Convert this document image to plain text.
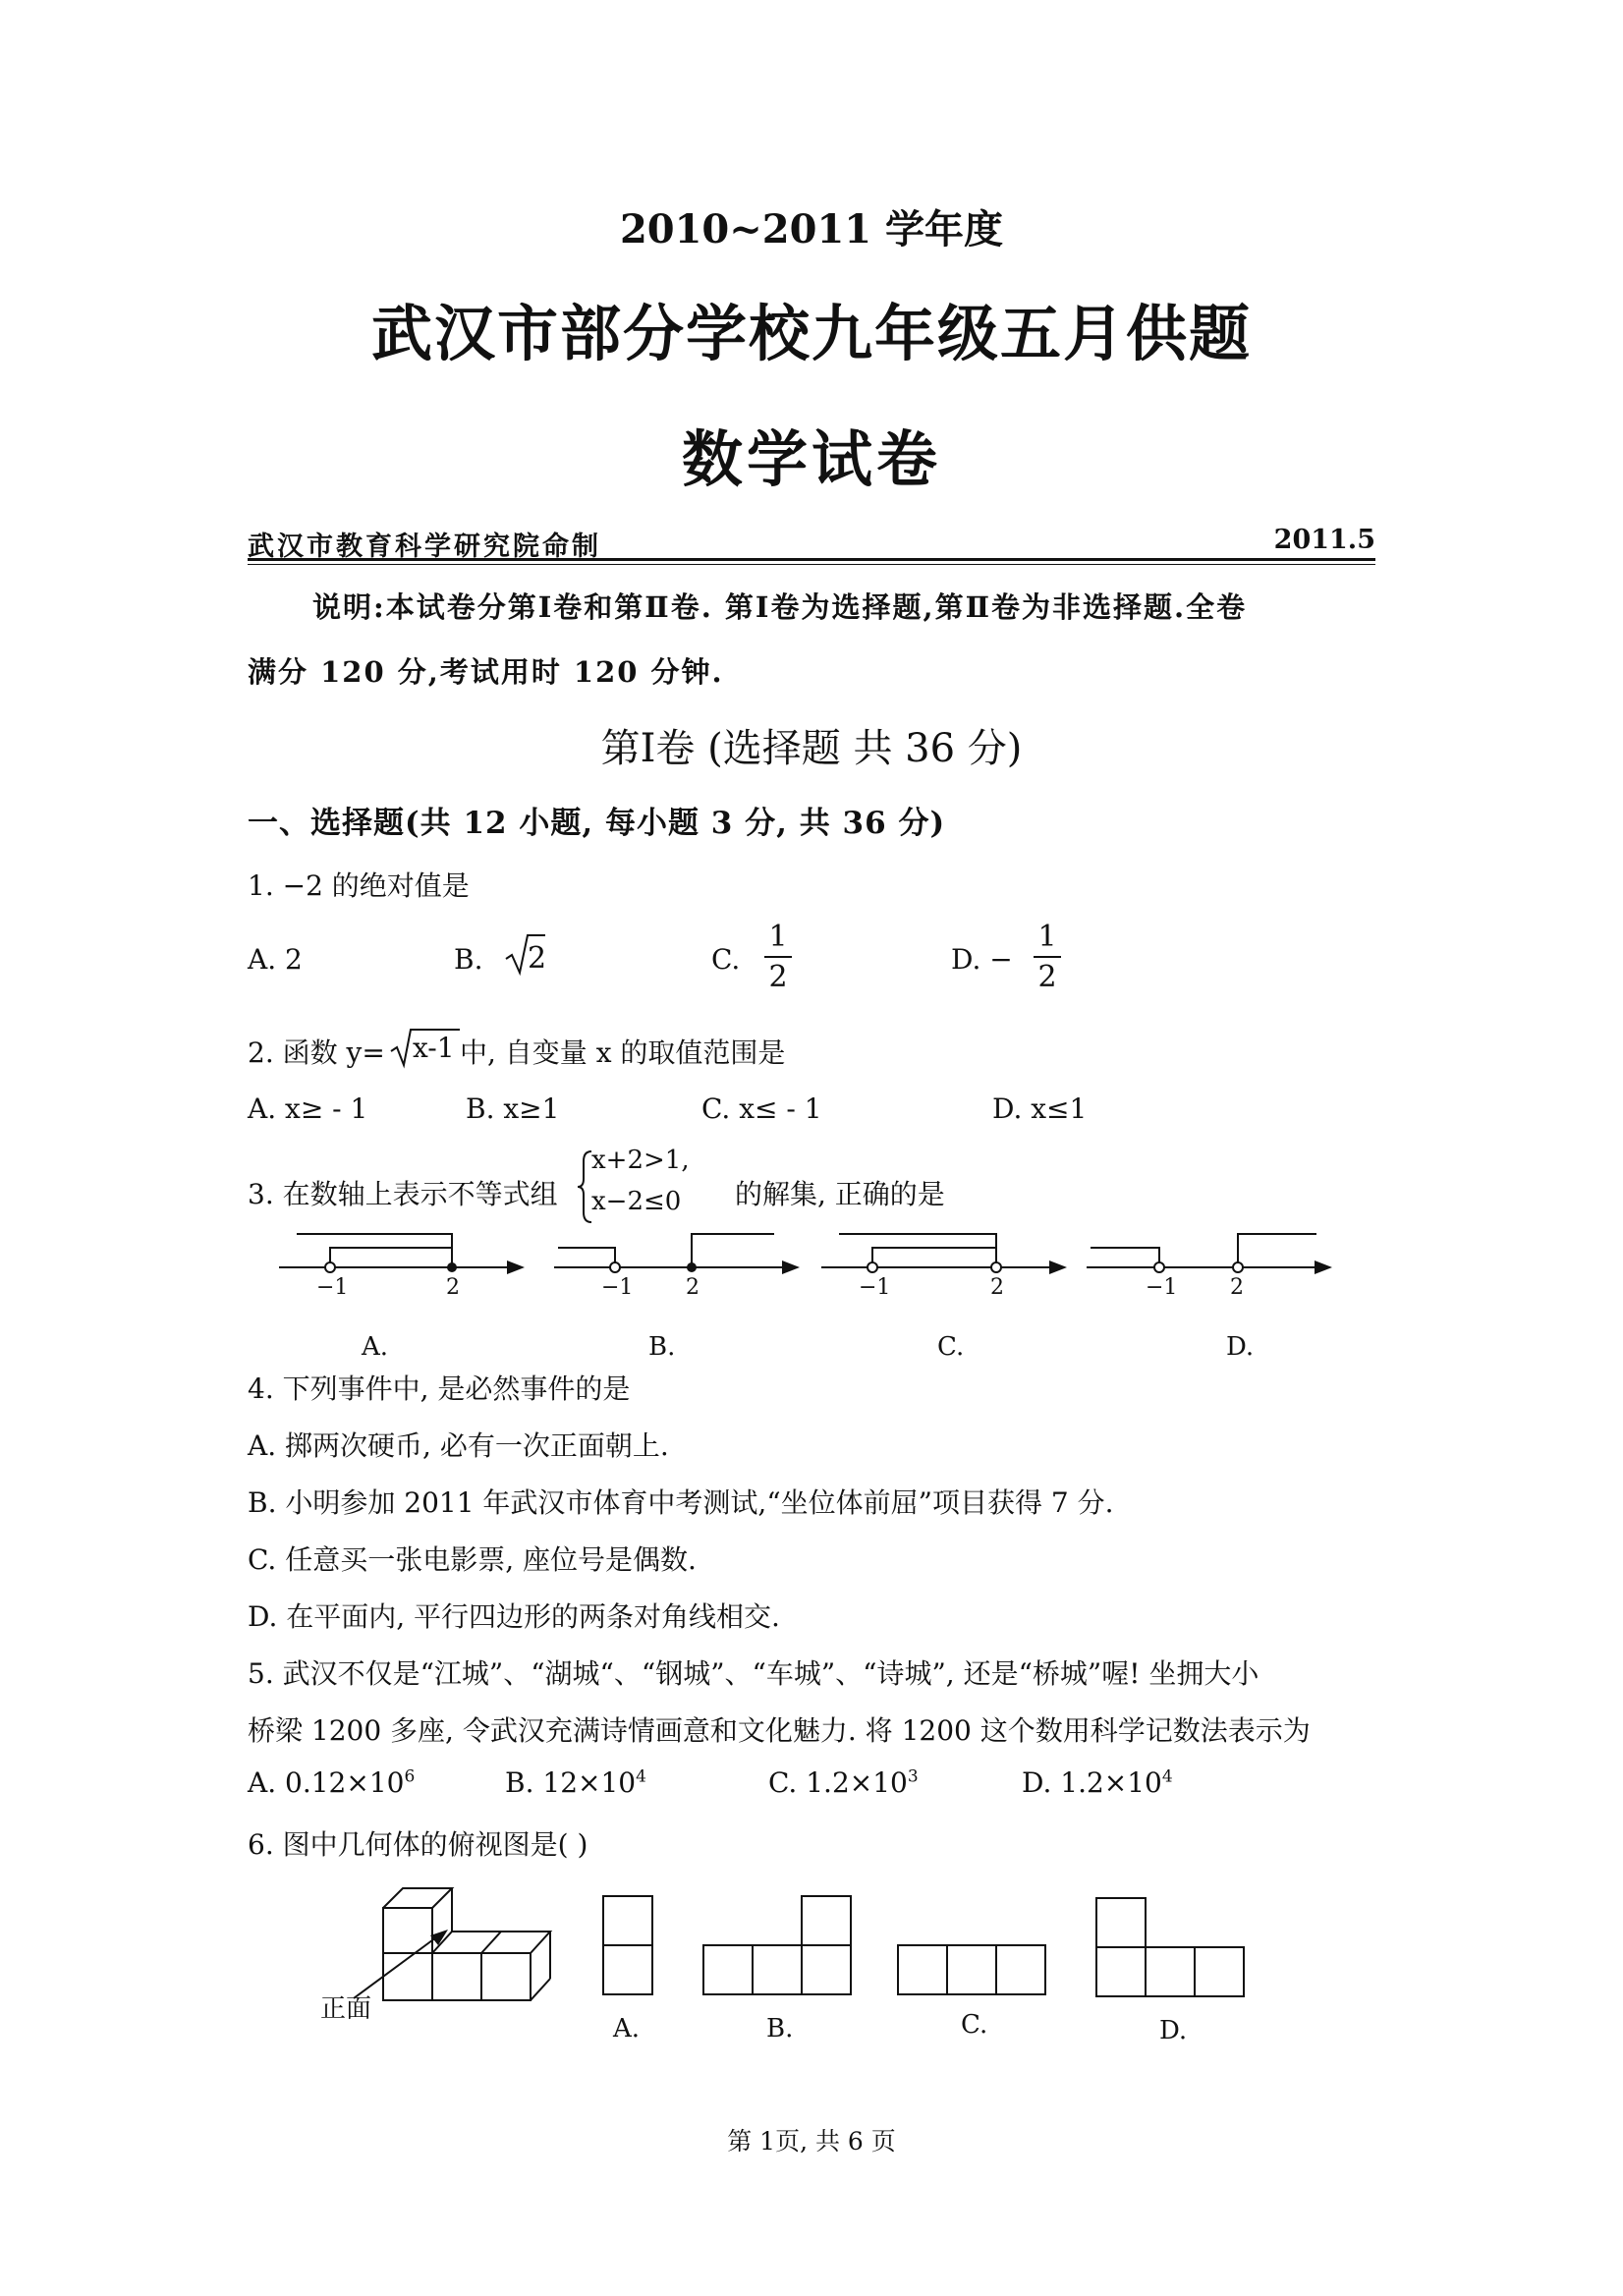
2010~2011 学年度
武汉市部分学校九年级五月供题
数学试卷
武汉市教育科学研究院命制	2011.5
说明:本试卷分第Ⅰ卷和第Ⅱ卷. 第Ⅰ卷为选择题,第Ⅱ卷为非选择题.全卷
满分 120 分,考试用时 120 分钟.
第Ⅰ卷 (选择题 共 36 分)
一、选择题(共 12 小题, 每小题 3 分, 共 36 分)
1. −2 的绝对值是
A. 2	B. 2	C.
1
2
D. −
1
2
2. 函数 y= x-1 中, 自变量 x 的取值范围是
A. x≥ - 1	B. x≥1	C. x≤ - 1	D. x≤1
3. 在数轴上表示不等式组
x+2>1,
x−2≤0 的解集, 正确的是
−1	2
A.
−1 2
B.
−1	2
C.
−1 2
D.
4. 下列事件中, 是必然事件的是
A. 掷两次硬币, 必有一次正面朝上.
B. 小明参加 2011 年武汉市体育中考测试,“坐位体前屈”项目获得 7 分.
C. 任意买一张电影票, 座位号是偶数.
D. 在平面内, 平行四边形的两条对角线相交.
5. 武汉不仅是“江城”、“湖城“、“钢城”、“车城”、“诗城”, 还是“桥城”喔! 坐拥大小
桥梁 1200 多座, 令武汉充满诗情画意和文化魅力. 将 1200 这个数用科学记数法表示为
A. $0.12\times 10^6$	B. $12\times 10^4$	C. $1.2\times 10^3$	D. $1.2\times 10^4$
6. 图中几何体的俯视图是( )
正面
A.	B.	C.	D.
第 1页, 共 6 页
